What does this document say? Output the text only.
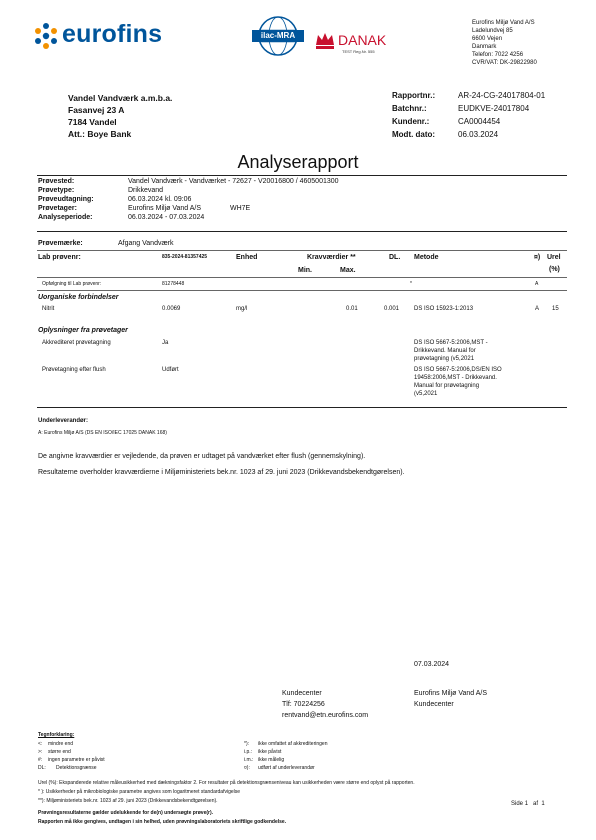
eurofins	ilac-MRA	DANAK
TEST Reg.Nr. 555
Eurofins Miljø Vand A/S
Ladelundvej 85
6600 Vejen
Danmark
Telefon: 7022 4256
CVR/VAT: DK-29822980
Vandel Vandværk a.m.b.a.
Fasanvej 23 A
7184 Vandel
Att.: Boye Bank
Rapportnr.:	AR-24-CG-24017804-01
Batchnr.:	EUDKVE-24017804
Kundenr.:	CA0004454
Modt. dato:	06.03.2024
Analyserapport
Prøvested:	Vandel Vandværk - Vandværket - 72627 - V20016800 / 4605001300
Prøvetype:	Drikkevand
Prøveudtagning:	06.03.2024 kl. 09:06
Prøvetager:	Eurofins Miljø Vand A/S	WH7E
Analyseperiode:	06.03.2024 - 07.03.2024
Prøvemærke:	Afgang Vandværk
Lab prøvenr:	835-2024-81357425	Enhed	Kravværdier **
Min.	Max.
DL. Metode	¤) Urel
(%)
Opfølgning til Lab prøvenr:	81278448	*	A
Uorganiske forbindelser
Nitrit	0.0069	mg/l	0.01	0.001 DS ISO 15923-1:2013	A 15
Oplysninger fra prøvetager
Akkrediteret prøvetagning	Ja	DS ISO 5667-5:2006,MST -
Drikkevand. Manual for
prøvetagning (v5,2021
Prøvetagning efter flush	Udført	DS ISO 5667-5:2006,DS/EN ISO
19458:2006,MST - Drikkevand.
Manual for prøvetagning
(v5,2021
Underleverandør:
A: Eurofins Miljø A/S (DS EN ISO/IEC 17025 DANAK 168)
De angivne kravværdier er vejledende, da prøven er udtaget på vandværket efter flush (gennemskylning).
Resultaterne overholder kravværdierne i Miljøministeriets bek.nr. 1023 af 29. juni 2023 (Drikkevandsbekendtgørelsen).
07.03.2024
Kundecenter
Tlf: 70224256
rentvand@etn.eurofins.com
Eurofins Miljø Vand A/S
Kundecenter
Tegnforklaring:
<: mindre end
>: større end
#: ingen parametre er påvist
DL: Detektionsgrænse
*): ikke omfattet af akkrediteringen
i.p.: ikke påvist
i.m.: ikke målelig
¤): udført af underleverandør
Urel (%): Ekspanderede relative måleusikkerhed med dækningsfaktor 2. For resultater på detektionsgrænseniveau kan usikkerheden være større end oplyst på rapporten.
* ): Usikkerheder på mikrobiologiske parametre angives som logaritmeret standardafvigelse
**): Miljøministeriets bek.nr. 1023 af 29. juni 2023 (Drikkevandsbekendtgørelsen).	Side 1 af 1
Prøvningsresultaterne gælder udelukkende for de(n) undersøgte prøve(r).
Rapporten må ikke gengives, undtagen i sin helhed, uden prøvningslaboratoriets skriftlige godkendelse.
